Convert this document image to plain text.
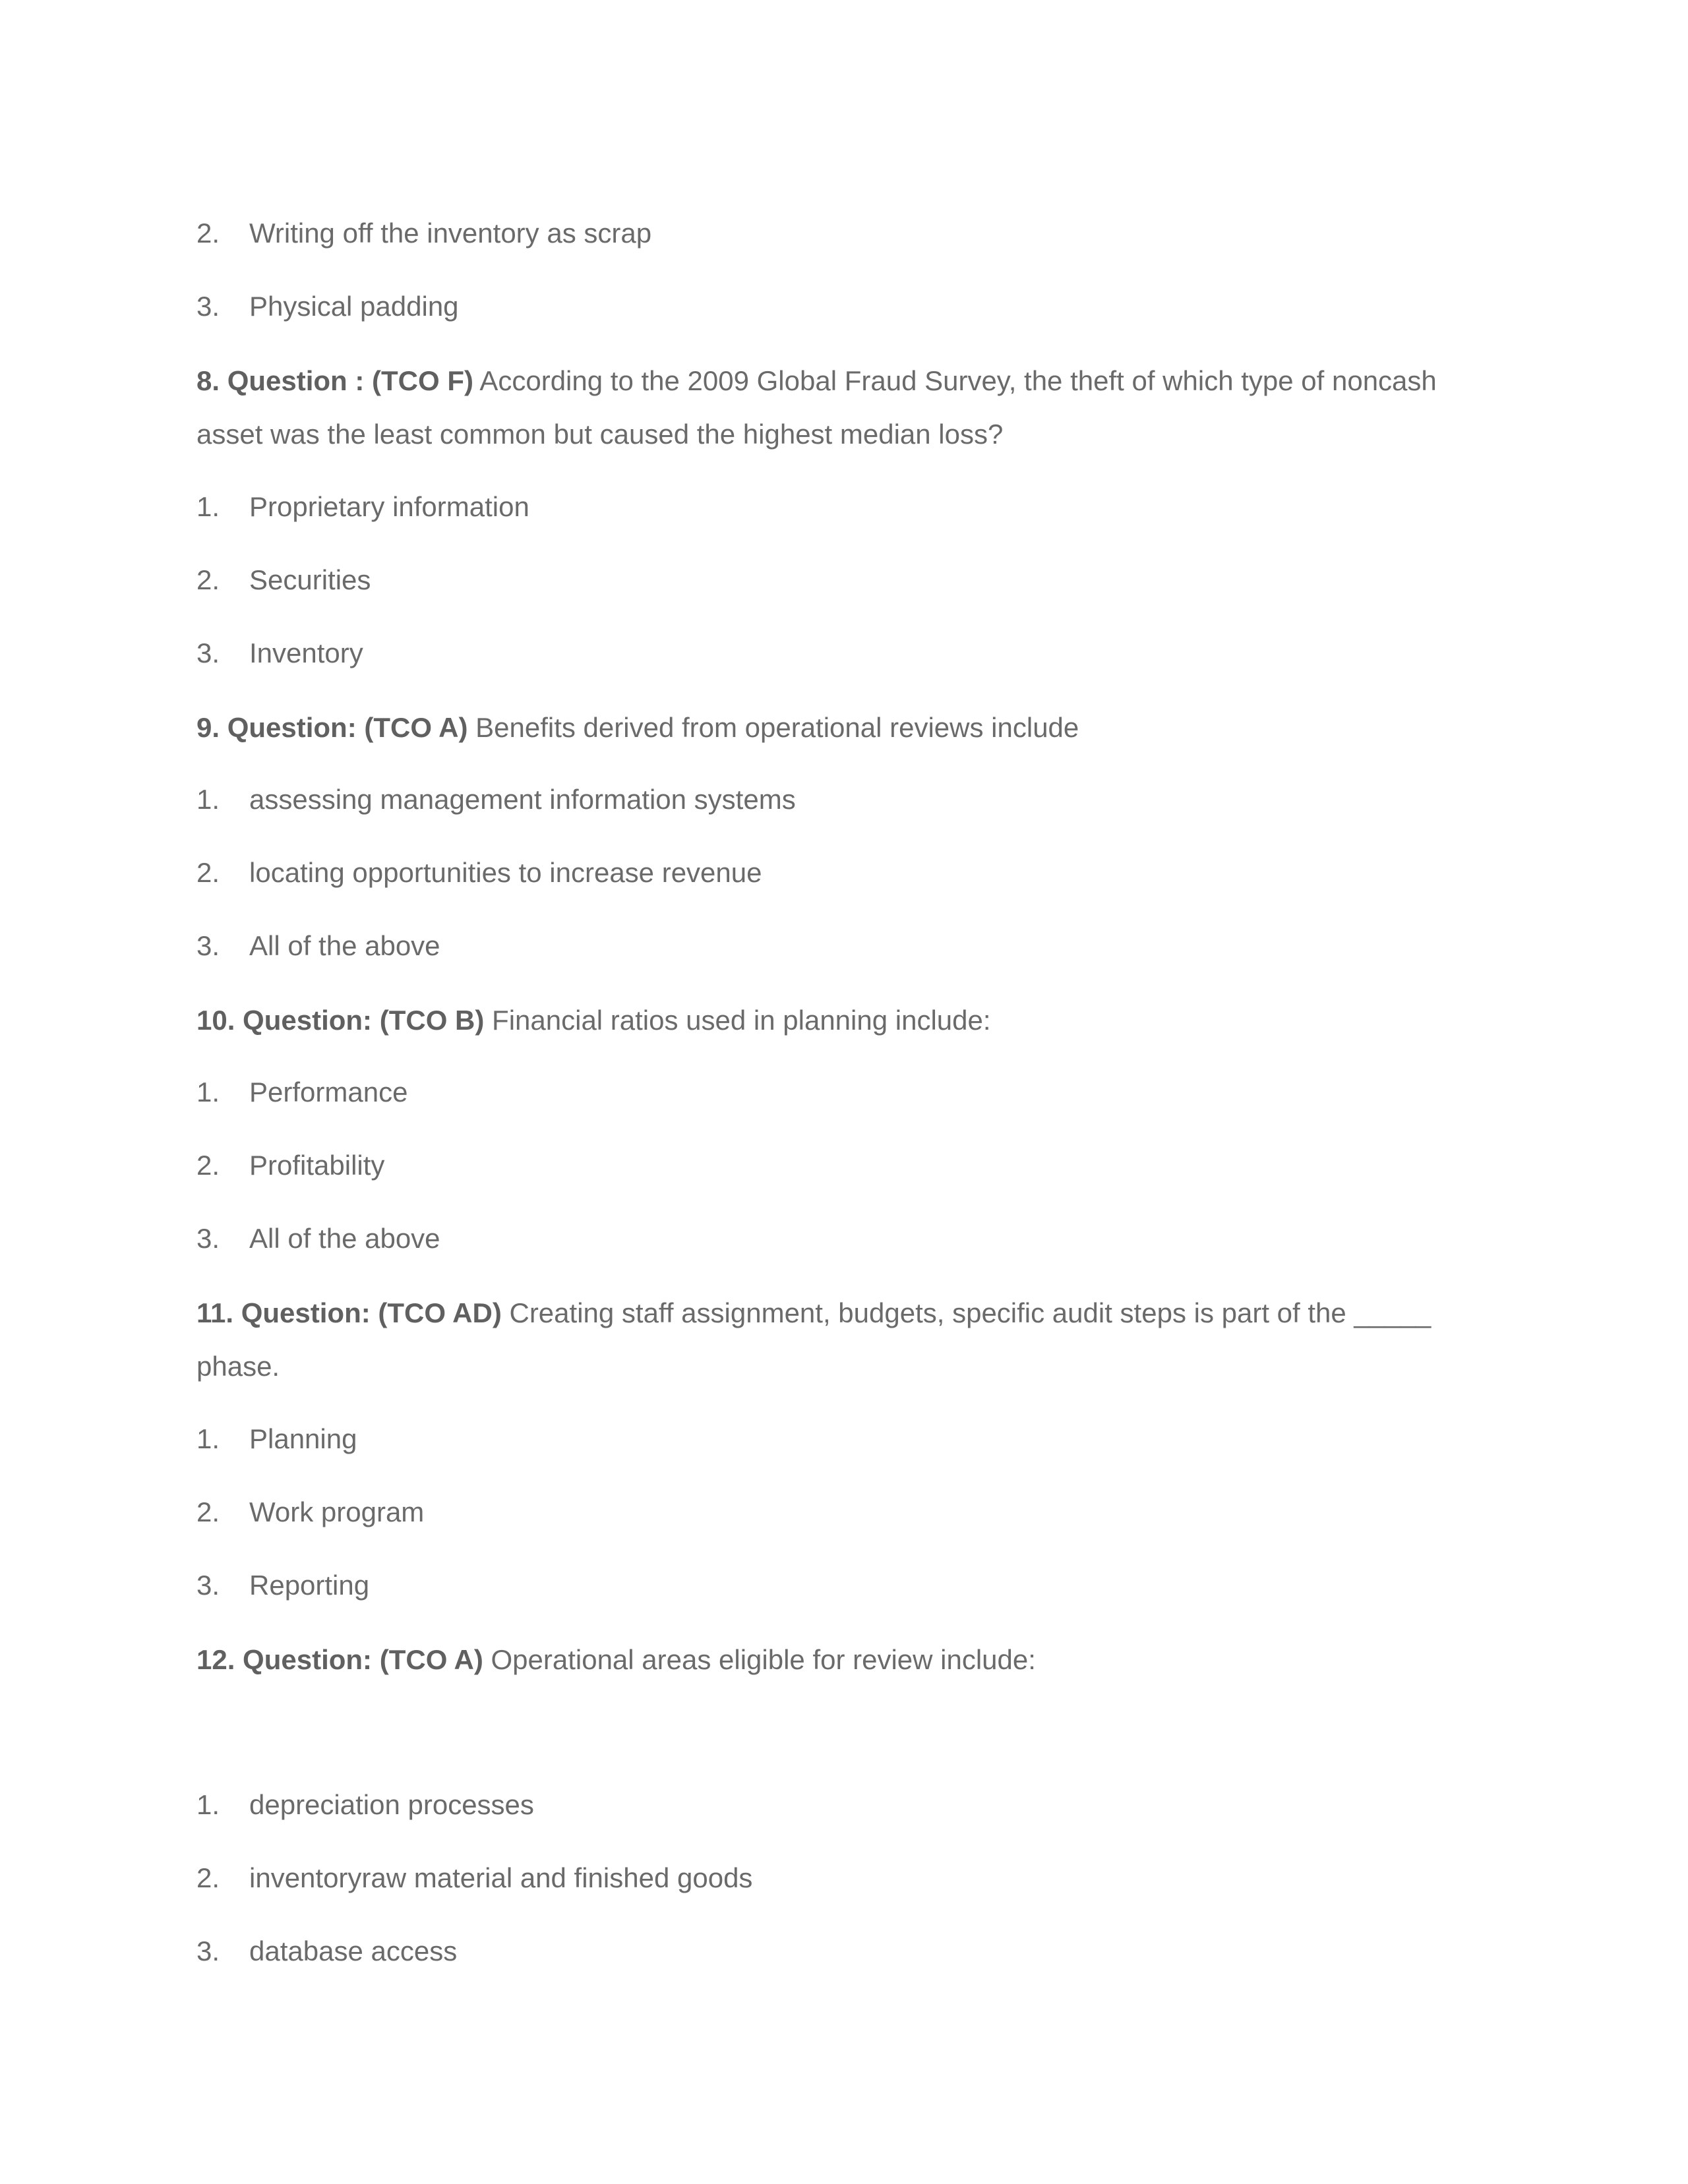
2. Writing off the inventory as scrap
3. Physical padding
8. Question : (TCO F) According to the 2009 Global Fraud Survey, the theft of which type of noncash asset was the least common but caused the highest median loss?
1. Proprietary information
2. Securities
3. Inventory
9. Question: (TCO A) Benefits derived from operational reviews include
1. assessing management information systems
2. locating opportunities to increase revenue
3. All of the above
10. Question: (TCO B) Financial ratios used in planning include:
1. Performance
2. Profitability
3. All of the above
11. Question: (TCO AD) Creating staff assignment, budgets, specific audit steps is part of the _____ phase.
1. Planning
2. Work program
3. Reporting
12. Question: (TCO A) Operational areas eligible for review include:
1. depreciation processes
2. inventoryraw material and finished goods
3. database access
